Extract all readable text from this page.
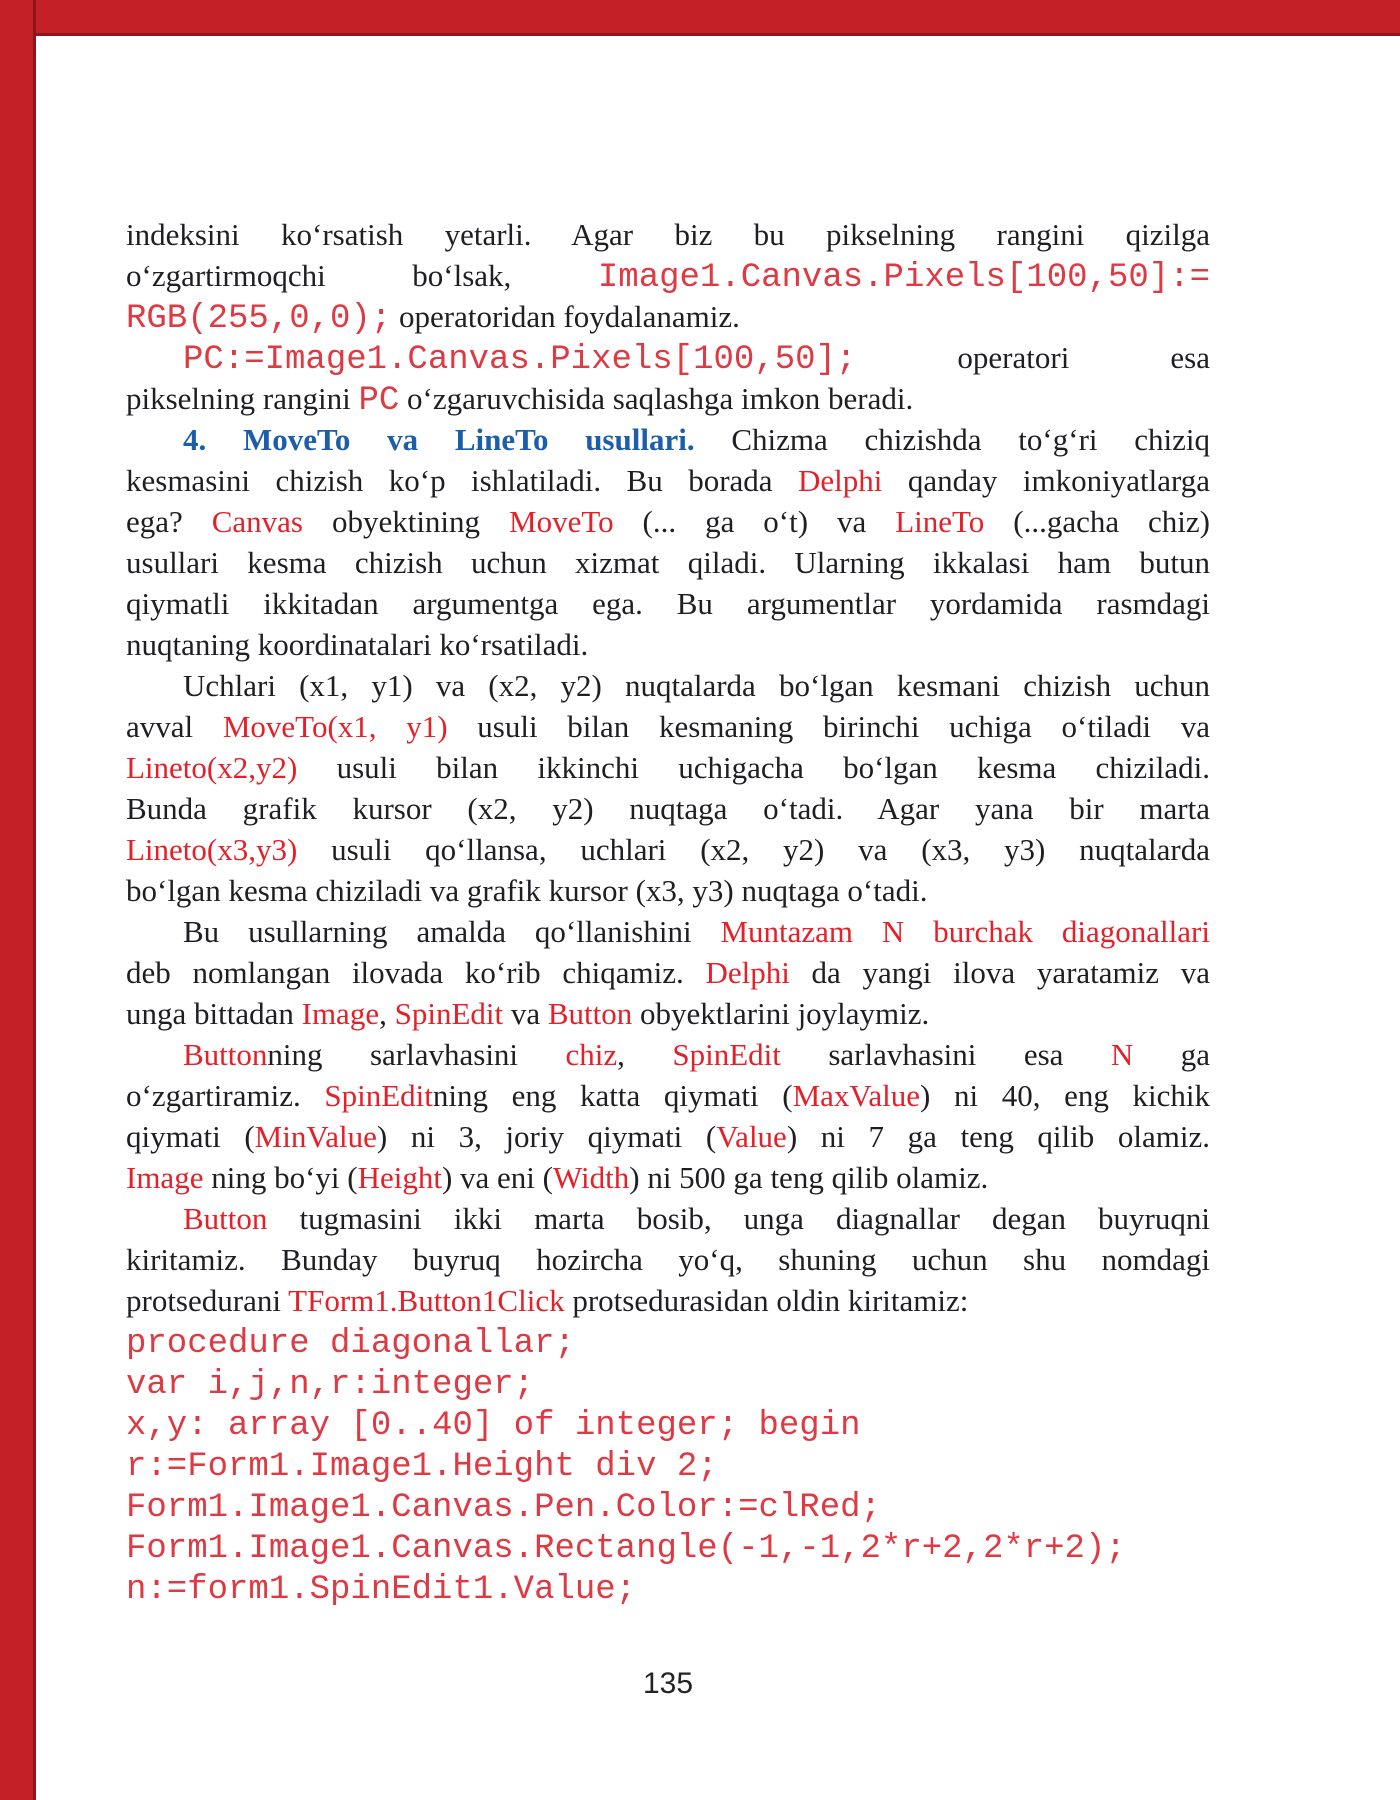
indeksini ko‘rsatish yetarli. Agar biz bu pikselning rangini qizilga
o‘zgartirmoqchi bo‘lsak, Image1.Canvas.Pixels[100,50]:=
RGB(255,0,0); operatoridan foydalanamiz.
PC:=Image1.Canvas.Pixels[100,50]; operatori esa
pikselning rangini PC o‘zgaruvchisida saqlashga imkon beradi.
4. MoveTo va LineTo usullari. Chizma chizishda to‘g‘ri chiziq
kesmasini chizish ko‘p ishlatiladi. Bu borada Delphi qanday imkoniyatlarga
ega? Canvas obyektining MoveTo (... ga o‘t) va LineTo (...gacha chiz)
usullari kesma chizish uchun xizmat qiladi. Ularning ikkalasi ham butun
qiymatli ikkitadan argumentga ega. Bu argumentlar yordamida rasmdagi
nuqtaning koordinatalari ko‘rsatiladi.
Uchlari (x1, y1) va (x2, y2) nuqtalarda bo‘lgan kesmani chizish uchun
avval MoveTo(x1, y1) usuli bilan kesmaning birinchi uchiga o‘tiladi va
Lineto(x2,y2) usuli bilan ikkinchi uchigacha bo‘lgan kesma chiziladi.
Bunda grafik kursor (x2, y2) nuqtaga o‘tadi. Agar yana bir marta
Lineto(x3,y3) usuli qo‘llansa, uchlari (x2, y2) va (x3, y3) nuqtalarda
bo‘lgan kesma chiziladi va grafik kursor (x3, y3) nuqtaga o‘tadi.
Bu usullarning amalda qo‘llanishini Muntazam N burchak diagonallari
deb nomlangan ilovada ko‘rib chiqamiz. Delphi da yangi ilova yaratamiz va
unga bittadan Image, SpinEdit va Button obyektlarini joylaymiz.
Buttonning sarlavhasini chiz, SpinEdit sarlavhasini esa N ga
o‘zgartiramiz. SpinEditning eng katta qiymati (MaxValue) ni 40, eng kichik
qiymati (MinValue) ni 3, joriy qiymati (Value) ni 7 ga teng qilib olamiz.
Image ning bo‘yi (Height) va eni (Width) ni 500 ga teng qilib olamiz.
Button tugmasini ikki marta bosib, unga diagnallar degan buyruqni
kiritamiz. Bunday buyruq hozircha yo‘q, shuning uchun shu nomdagi
protsedurani TForm1.Button1Click protsedurasidan oldin kiritamiz:
procedure diagonallar;
var i,j,n,r:integer;
x,y: array [0..40] of integer; begin
r:=Form1.Image1.Height div 2;
Form1.Image1.Canvas.Pen.Color:=clRed;
Form1.Image1.Canvas.Rectangle(-1,-1,2*r+2,2*r+2);
n:=form1.SpinEdit1.Value;
135
